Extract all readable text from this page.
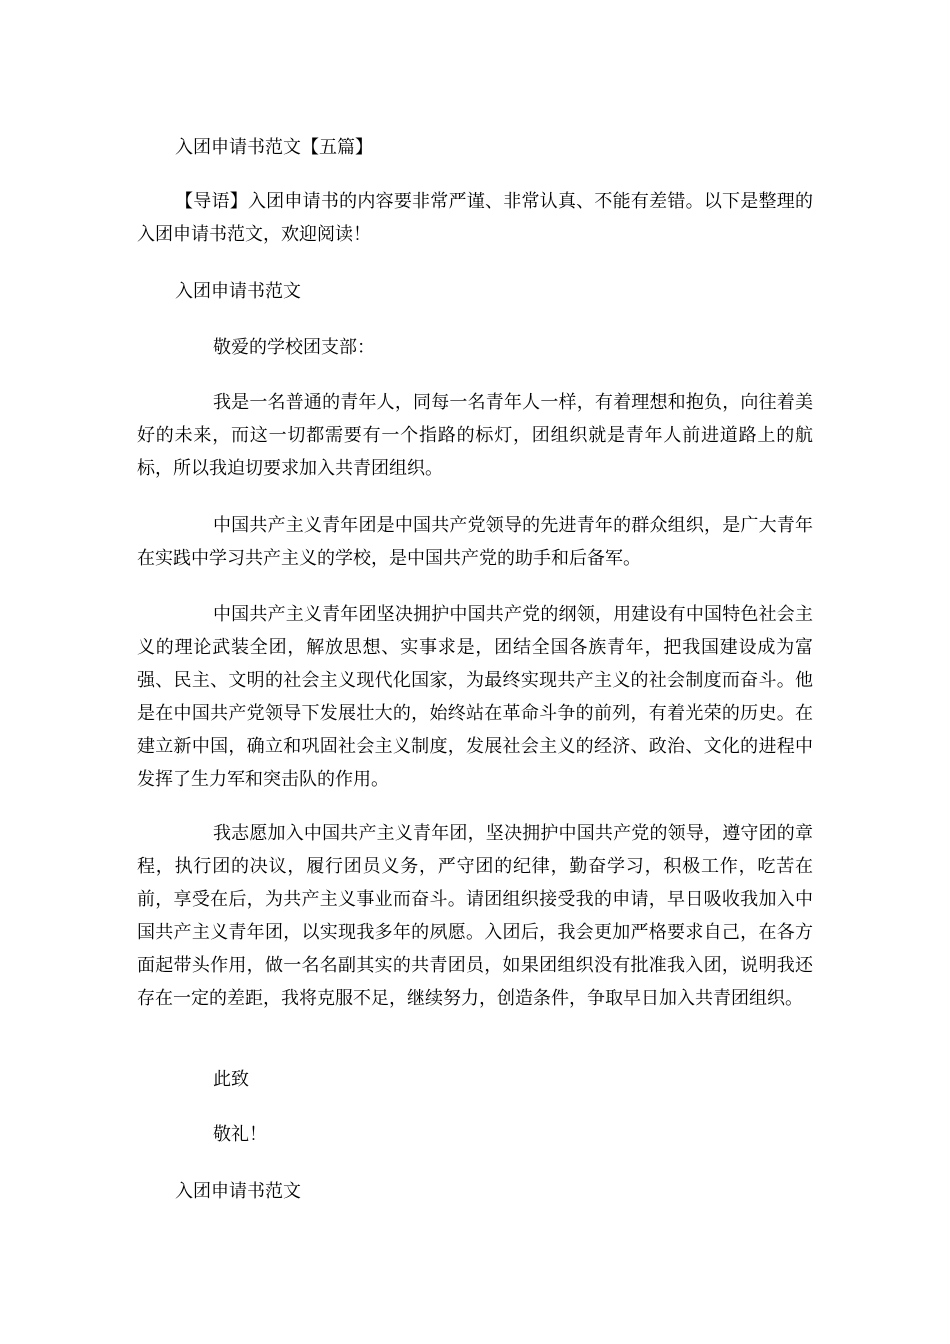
入团申请书范文【五篇】

【导语】入团申请书的内容要非常严谨、非常认真、不能有差错。以下是整理的入团申请书范文，欢迎阅读！

入团申请书范文

敬爱的学校团支部：

我是一名普通的青年人，同每一名青年人一样，有着理想和抱负，向往着美好的未来，而这一切都需要有一个指路的标灯，团组织就是青年人前进道路上的航标，所以我迫切要求加入共青团组织。

中国共产主义青年团是中国共产党领导的先进青年的群众组织，是广大青年在实践中学习共产主义的学校，是中国共产党的助手和后备军。

中国共产主义青年团坚决拥护中国共产党的纲领，用建设有中国特色社会主义的理论武装全团，解放思想、实事求是，团结全国各族青年，把我国建设成为富强、民主、文明的社会主义现代化国家，为最终实现共产主义的社会制度而奋斗。他是在中国共产党领导下发展壮大的，始终站在革命斗争的前列，有着光荣的历史。在建立新中国，确立和巩固社会主义制度，发展社会主义的经济、政治、文化的进程中发挥了生力军和突击队的作用。

我志愿加入中国共产主义青年团，坚决拥护中国共产党的领导，遵守团的章程，执行团的决议，履行团员义务，严守团的纪律，勤奋学习，积极工作，吃苦在前，享受在后，为共产主义事业而奋斗。请团组织接受我的申请，早日吸收我加入中国共产主义青年团，以实现我多年的夙愿。入团后，我会更加严格要求自己，在各方面起带头作用，做一名名副其实的共青团员，如果团组织没有批准我入团，说明我还存在一定的差距，我将克服不足，继续努力，创造条件，争取早日加入共青团组织。

此致

敬礼！

入团申请书范文
